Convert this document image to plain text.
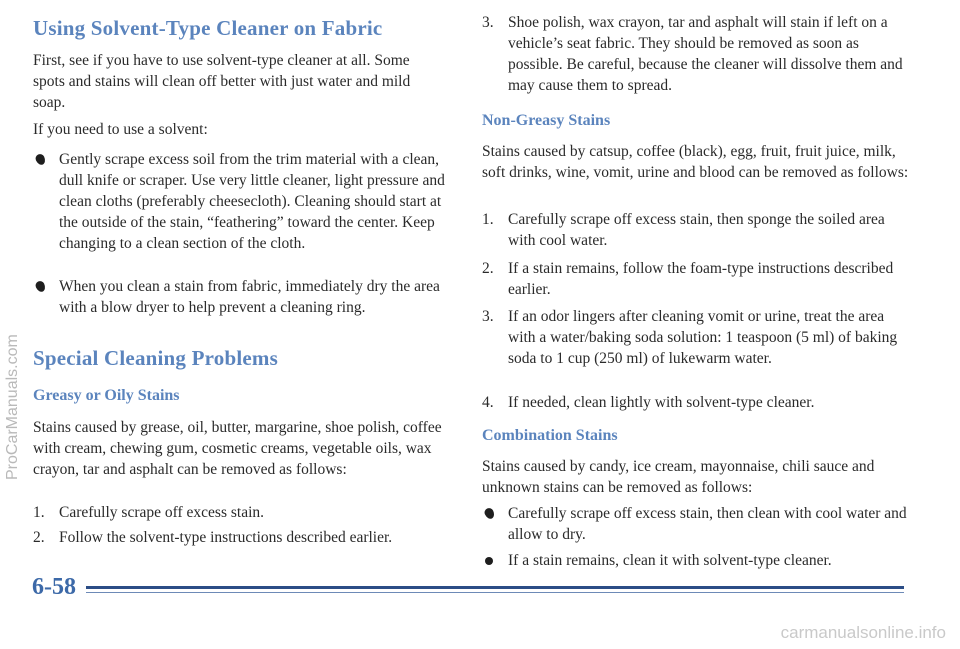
Using Solvent-Type Cleaner on Fabric

First, see if you have to use solvent-type cleaner at all. Some spots and stains will clean off better with just water and mild soap.

If you need to use a solvent:

Gently scrape excess soil from the trim material with a clean, dull knife or scraper. Use very little cleaner, light pressure and clean cloths (preferably cheesecloth). Cleaning should start at the outside of the stain, “feathering” toward the center. Keep changing to a clean section of the cloth.
When you clean a stain from fabric, immediately dry the area with a blow dryer to help prevent a cleaning ring.
Special Cleaning Problems
Greasy or Oily Stains

Stains caused by grease, oil, butter, margarine, shoe polish, coffee with cream, chewing gum, cosmetic creams, vegetable oils, wax crayon, tar and asphalt can be removed as follows:

1. Carefully scrape off excess stain.
2. Follow the solvent-type instructions described earlier.
3. Shoe polish, wax crayon, tar and asphalt will stain if left on a vehicle’s seat fabric. They should be removed as soon as possible. Be careful, because the cleaner will dissolve them and may cause them to spread.
Non-Greasy Stains

Stains caused by catsup, coffee (black), egg, fruit, fruit juice, milk, soft drinks, wine, vomit, urine and blood can be removed as follows:

1. Carefully scrape off excess stain, then sponge the soiled area with cool water.
2. If a stain remains, follow the foam-type instructions described earlier.
3. If an odor lingers after cleaning vomit or urine, treat the area with a water/baking soda solution: 1 teaspoon (5 ml) of baking soda to 1 cup (250 ml) of lukewarm water.
4. If needed, clean lightly with solvent-type cleaner.
Combination Stains

Stains caused by candy, ice cream, mayonnaise, chili sauce and unknown stains can be removed as follows:

Carefully scrape off excess stain, then clean with cool water and allow to dry.
If a stain remains, clean it with solvent-type cleaner.
6-58
ProCarManuals.com
carmanualsonline.info
